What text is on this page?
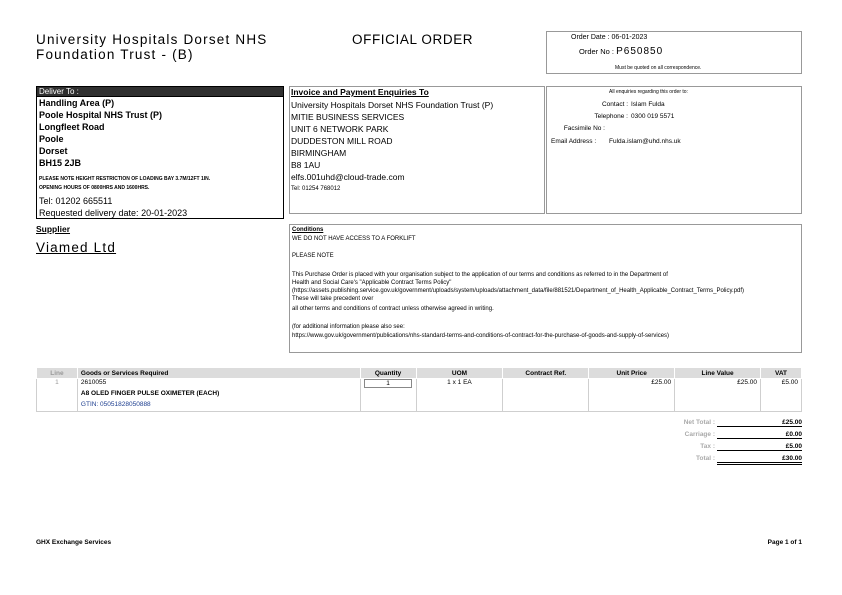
University Hospitals Dorset NHS
Foundation Trust - (B)
OFFICIAL ORDER	Order Date : 06-01-2023
Order No : P650850
Must be quoted on all correspondence.
Deliver To :
Handling Area (P)
Poole Hospital NHS Trust (P)
Longfleet Road
Poole
Dorset
BH15 2JB
PLEASE NOTE HEIGHT RESTRICTION OF LOADING BAY 3.7M/12FT 1IN.
OPENING HOURS OF 0800HRS AND 1600HRS.
Tel: 01202 665511
Requested delivery date: 20-01-2023
Invoice and Payment Enquiries To
University Hospitals Dorset NHS Foundation Trust (P)
MITIE BUSINESS SERVICES
UNIT 6 NETWORK PARK
DUDDESTON MILL ROAD
BIRMINGHAM
B8 1AU
elfs.001uhd@cloud-trade.com
Tel: 01254 768012
All enquiries regarding this order to:
Contact : Islam Fulda
Telephone : 0300 019 5571
Facsimile No :
Email Address : Fulda.islam@uhd.nhs.uk
Supplier
Viamed Ltd
Conditions
WE DO NOT HAVE ACCESS TO A FORKLIFT
PLEASE NOTE
This Purchase Order is placed with your organisation subject to the application of our terms and conditions as referred to in the Department of
Health and Social Care's "Applicable Contract Terms Policy"
(https://assets.publishing.service.gov.uk/government/uploads/system/uploads/attachment_data/file/881521/Department_of_Health_Applicable_Contract_Terms_Policy.pdf)
These will take precedent over
all other terms and conditions of contract unless otherwise agreed in writing.
(for additional information please also see:
https://www.gov.uk/government/publications/nhs-standard-terms-and-conditions-of-contract-for-the-purchase-of-goods-and-supply-of-services)
Line	Goods or Services Required	Quantity	UOM	Contract Ref.	Unit Price	Line Value	VAT
1	2610055	1	1 x 1 EA		£25.00	£25.00	£5.00
	A8 OLED FINGER PULSE OXIMETER (EACH)						
	GTIN: 05051828050888						
Net Total :	£25.00
Carriage :	£0.00
Tax :	£5.00
Total :	£30.00
GHX Exchange Services	Page 1 of 1
